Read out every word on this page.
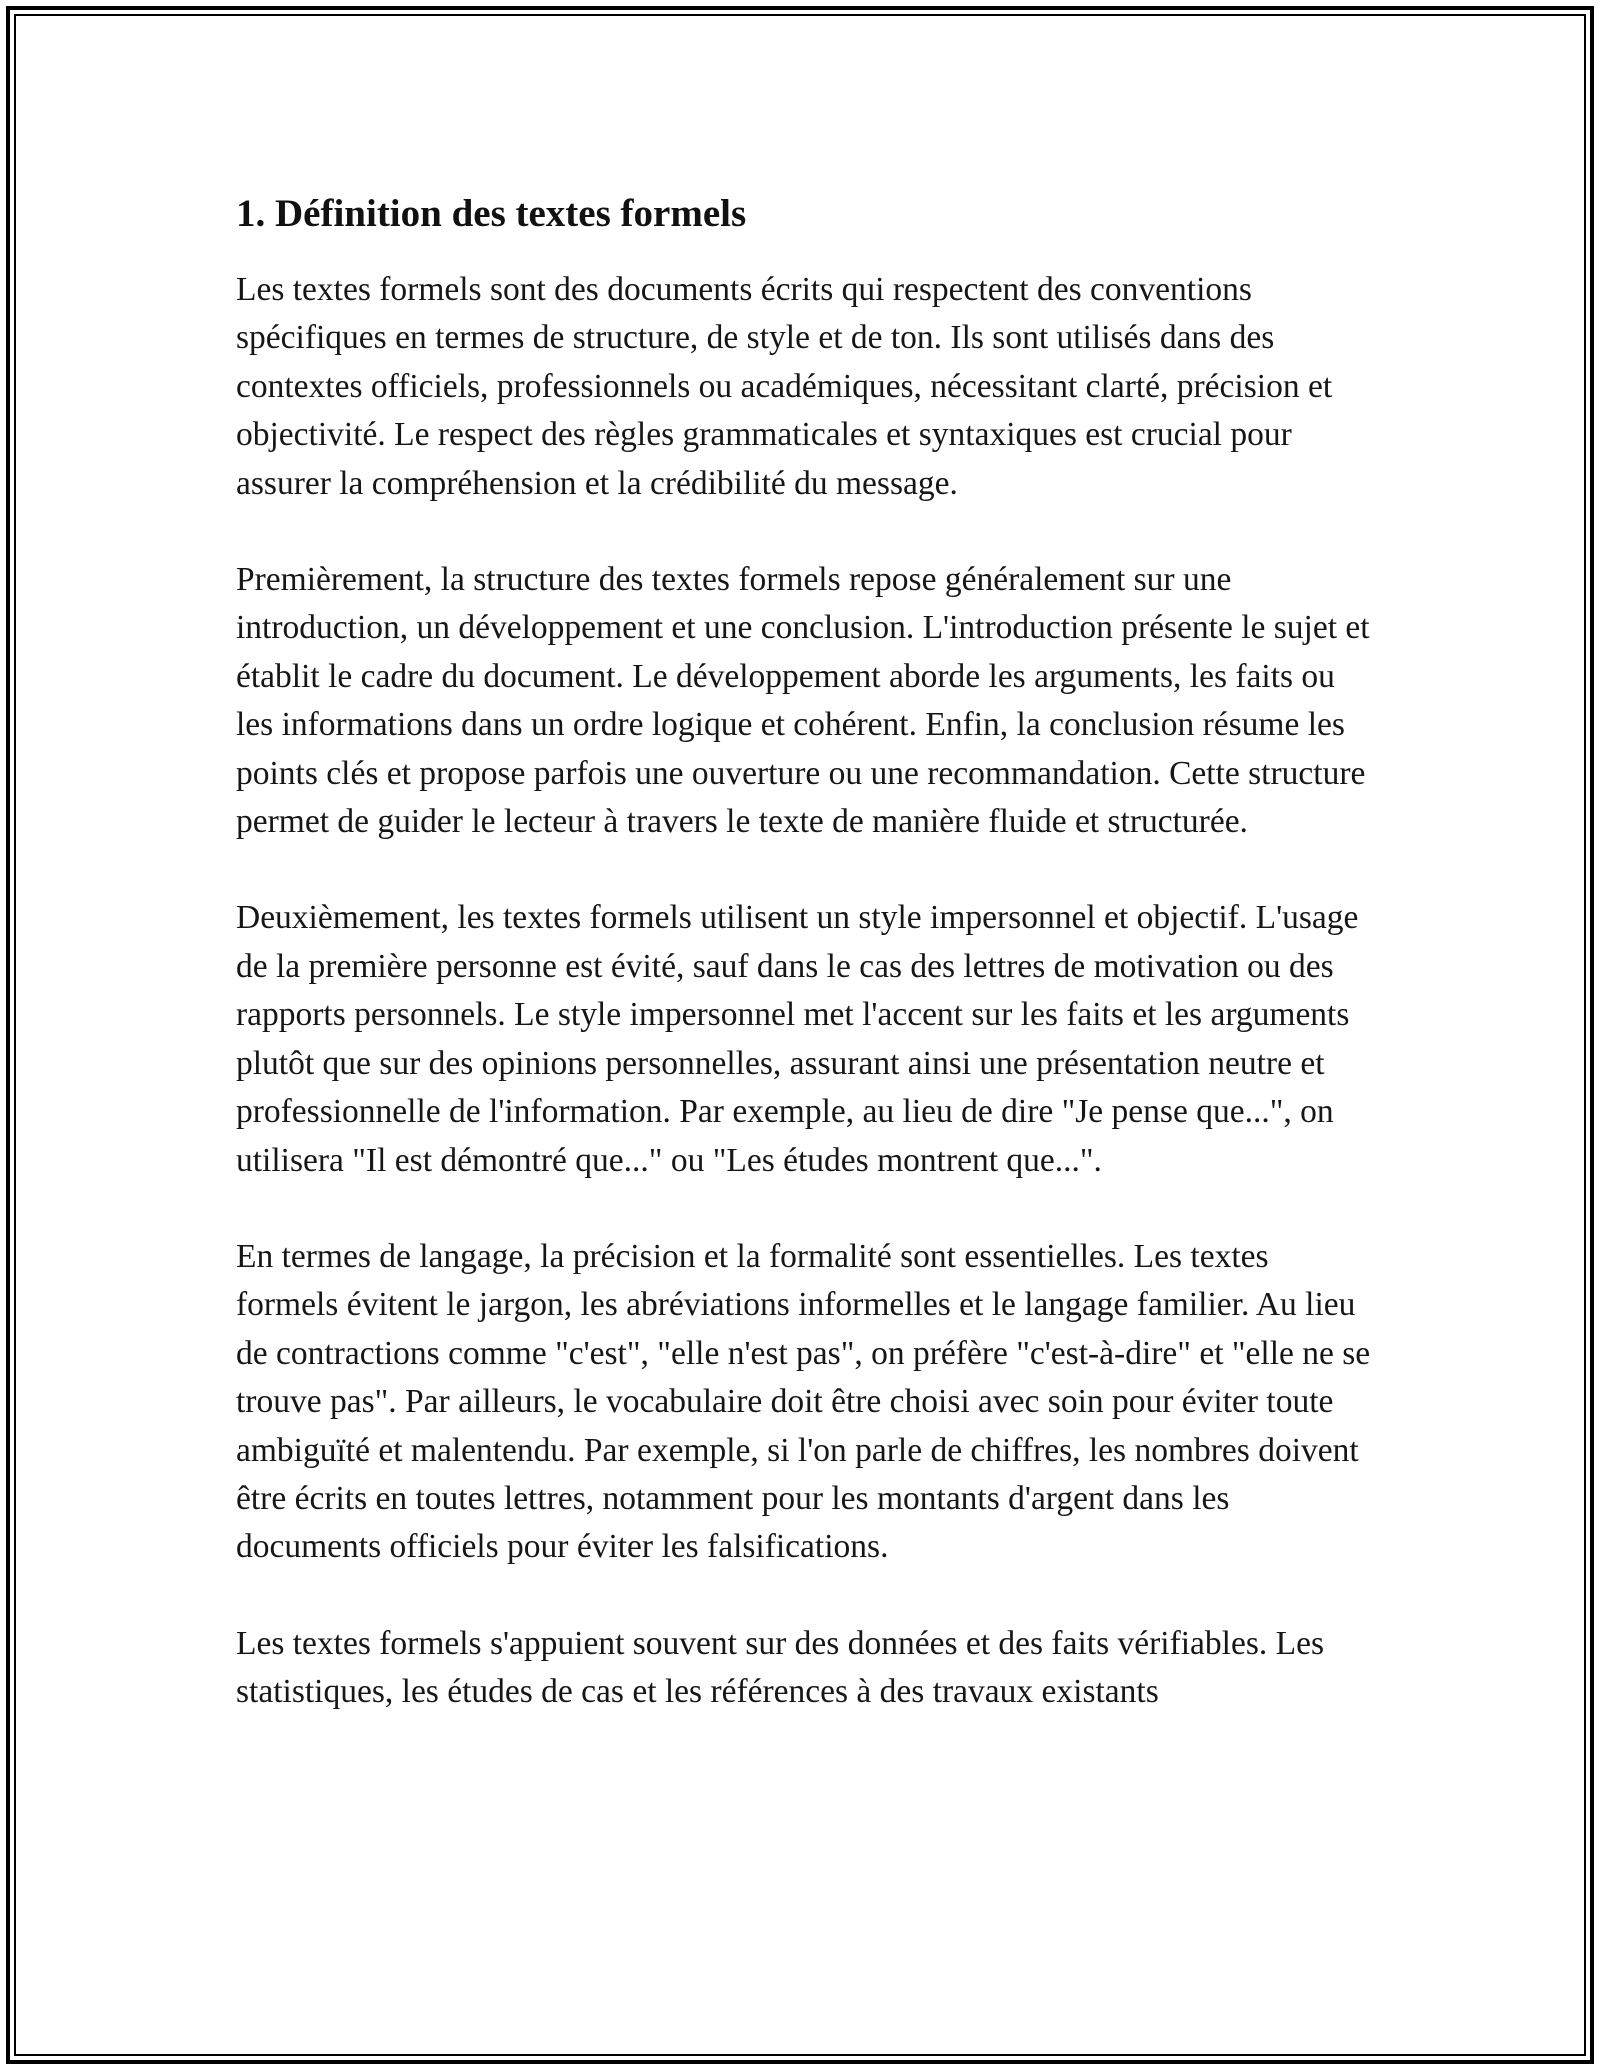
1. Définition des textes formels

Les textes formels sont des documents écrits qui respectent des conventions spécifiques en termes de structure, de style et de ton. Ils sont utilisés dans des contextes officiels, professionnels ou académiques, nécessitant clarté, précision et objectivité. Le respect des règles grammaticales et syntaxiques est crucial pour assurer la compréhension et la crédibilité du message.

Premièrement, la structure des textes formels repose généralement sur une introduction, un développement et une conclusion. L'introduction présente le sujet et établit le cadre du document. Le développement aborde les arguments, les faits ou les informations dans un ordre logique et cohérent. Enfin, la conclusion résume les points clés et propose parfois une ouverture ou une recommandation. Cette structure permet de guider le lecteur à travers le texte de manière fluide et structurée.

Deuxièmement, les textes formels utilisent un style impersonnel et objectif. L'usage de la première personne est évité, sauf dans le cas des lettres de motivation ou des rapports personnels. Le style impersonnel met l'accent sur les faits et les arguments plutôt que sur des opinions personnelles, assurant ainsi une présentation neutre et professionnelle de l'information. Par exemple, au lieu de dire "Je pense que...", on utilisera "Il est démontré que..." ou "Les études montrent que...".

En termes de langage, la précision et la formalité sont essentielles. Les textes formels évitent le jargon, les abréviations informelles et le langage familier. Au lieu de contractions comme "c'est", "elle n'est pas", on préfère "c'est-à-dire" et "elle ne se trouve pas". Par ailleurs, le vocabulaire doit être choisi avec soin pour éviter toute ambiguïté et malentendu. Par exemple, si l'on parle de chiffres, les nombres doivent être écrits en toutes lettres, notamment pour les montants d'argent dans les documents officiels pour éviter les falsifications.

Les textes formels s'appuient souvent sur des données et des faits vérifiables. Les statistiques, les études de cas et les références à des travaux existants
